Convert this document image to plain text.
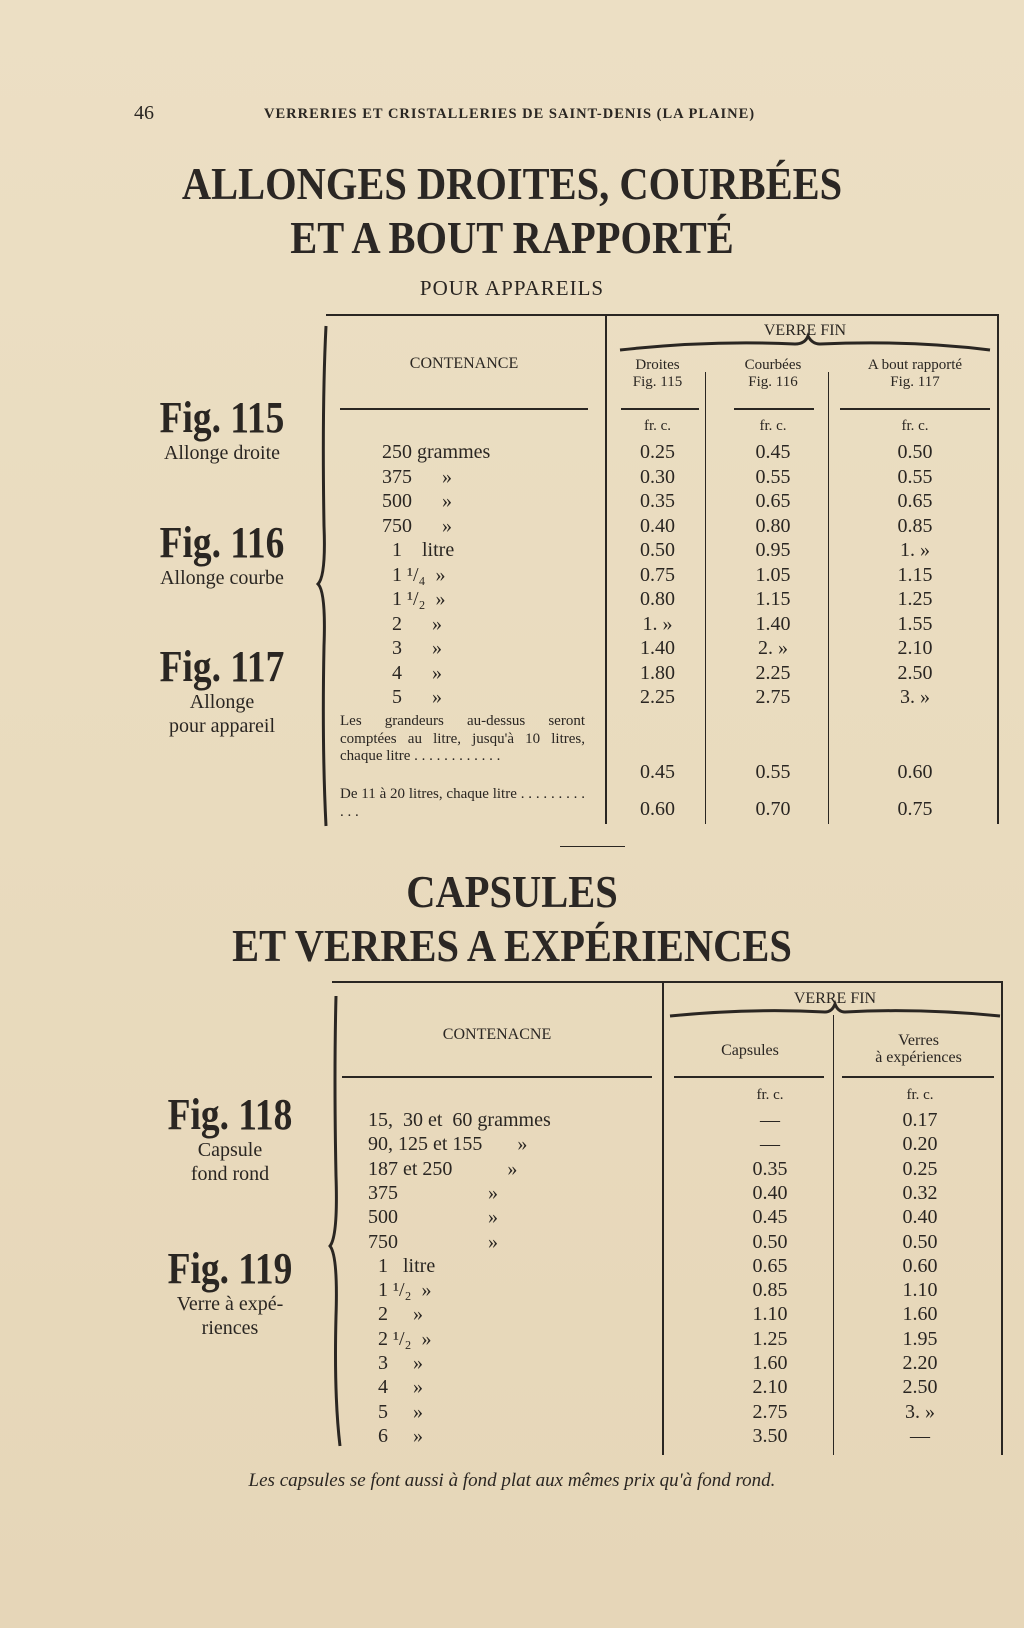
46	VERRERIES ET CRISTALLERIES DE SAINT-DENIS (LA PLAINE)
ALLONGES DROITES, COURBÉES
ET A BOUT RAPPORTÉ
POUR APPAREILS
Fig. 115
Allonge droite
Fig. 116
Allonge courbe
Fig. 117
Allonge
pour appareil
CONTENANCE
VERRE FIN
Droites
Fig. 115
Courbées
Fig. 116
A bout rapporté
Fig. 117
fr. c.	fr. c.	fr. c.
250 grammes	0.25	0.45	0.50
375      »	0.30	0.55	0.55
500      »	0.35	0.65	0.65
750      »	0.40	0.80	0.85
1    litre	0.50	0.95	1. »
1 ¹/₄  »	0.75	1.05	1.15
1 ¹/₂  »	0.80	1.15	1.25
2      »	1. »	1.40	1.55
3      »	1.40	2. »	2.10
4      »	1.80	2.25	2.50
5      »	2.25	2.75	3. »
Les grandeurs au-dessus seront comptées au litre, jusqu'à 10 litres, chaque litre . . . . . . . . . . . .
0.45	0.55	0.60
De 11 à 20 litres, chaque litre . . . . . . . . . . . .	0.60	0.70	0.75
CAPSULES
ET VERRES A EXPÉRIENCES
Fig. 118
Capsule
fond rond
Fig. 119
Verre à expé-
riences
CONTENACNE
VERRE FIN
Capsules
Verres
à expériences
fr. c.	fr. c.
15,  30 et  60 grammes	—	0.17
90, 125 et 155       »	—	0.20
187 et 250           »	0.35	0.25
375                  »	0.40	0.32
500                  »	0.45	0.40
750                  »	0.50	0.50
1   litre	0.65	0.60
1 ¹/₂  »	0.85	1.10
2     »	1.10	1.60
2 ¹/₂  »	1.25	1.95
3     »	1.60	2.20
4     »	2.10	2.50
5     »	2.75	3. »
6     »	3.50	—
Les capsules se font aussi à fond plat aux mêmes prix qu'à fond rond.
